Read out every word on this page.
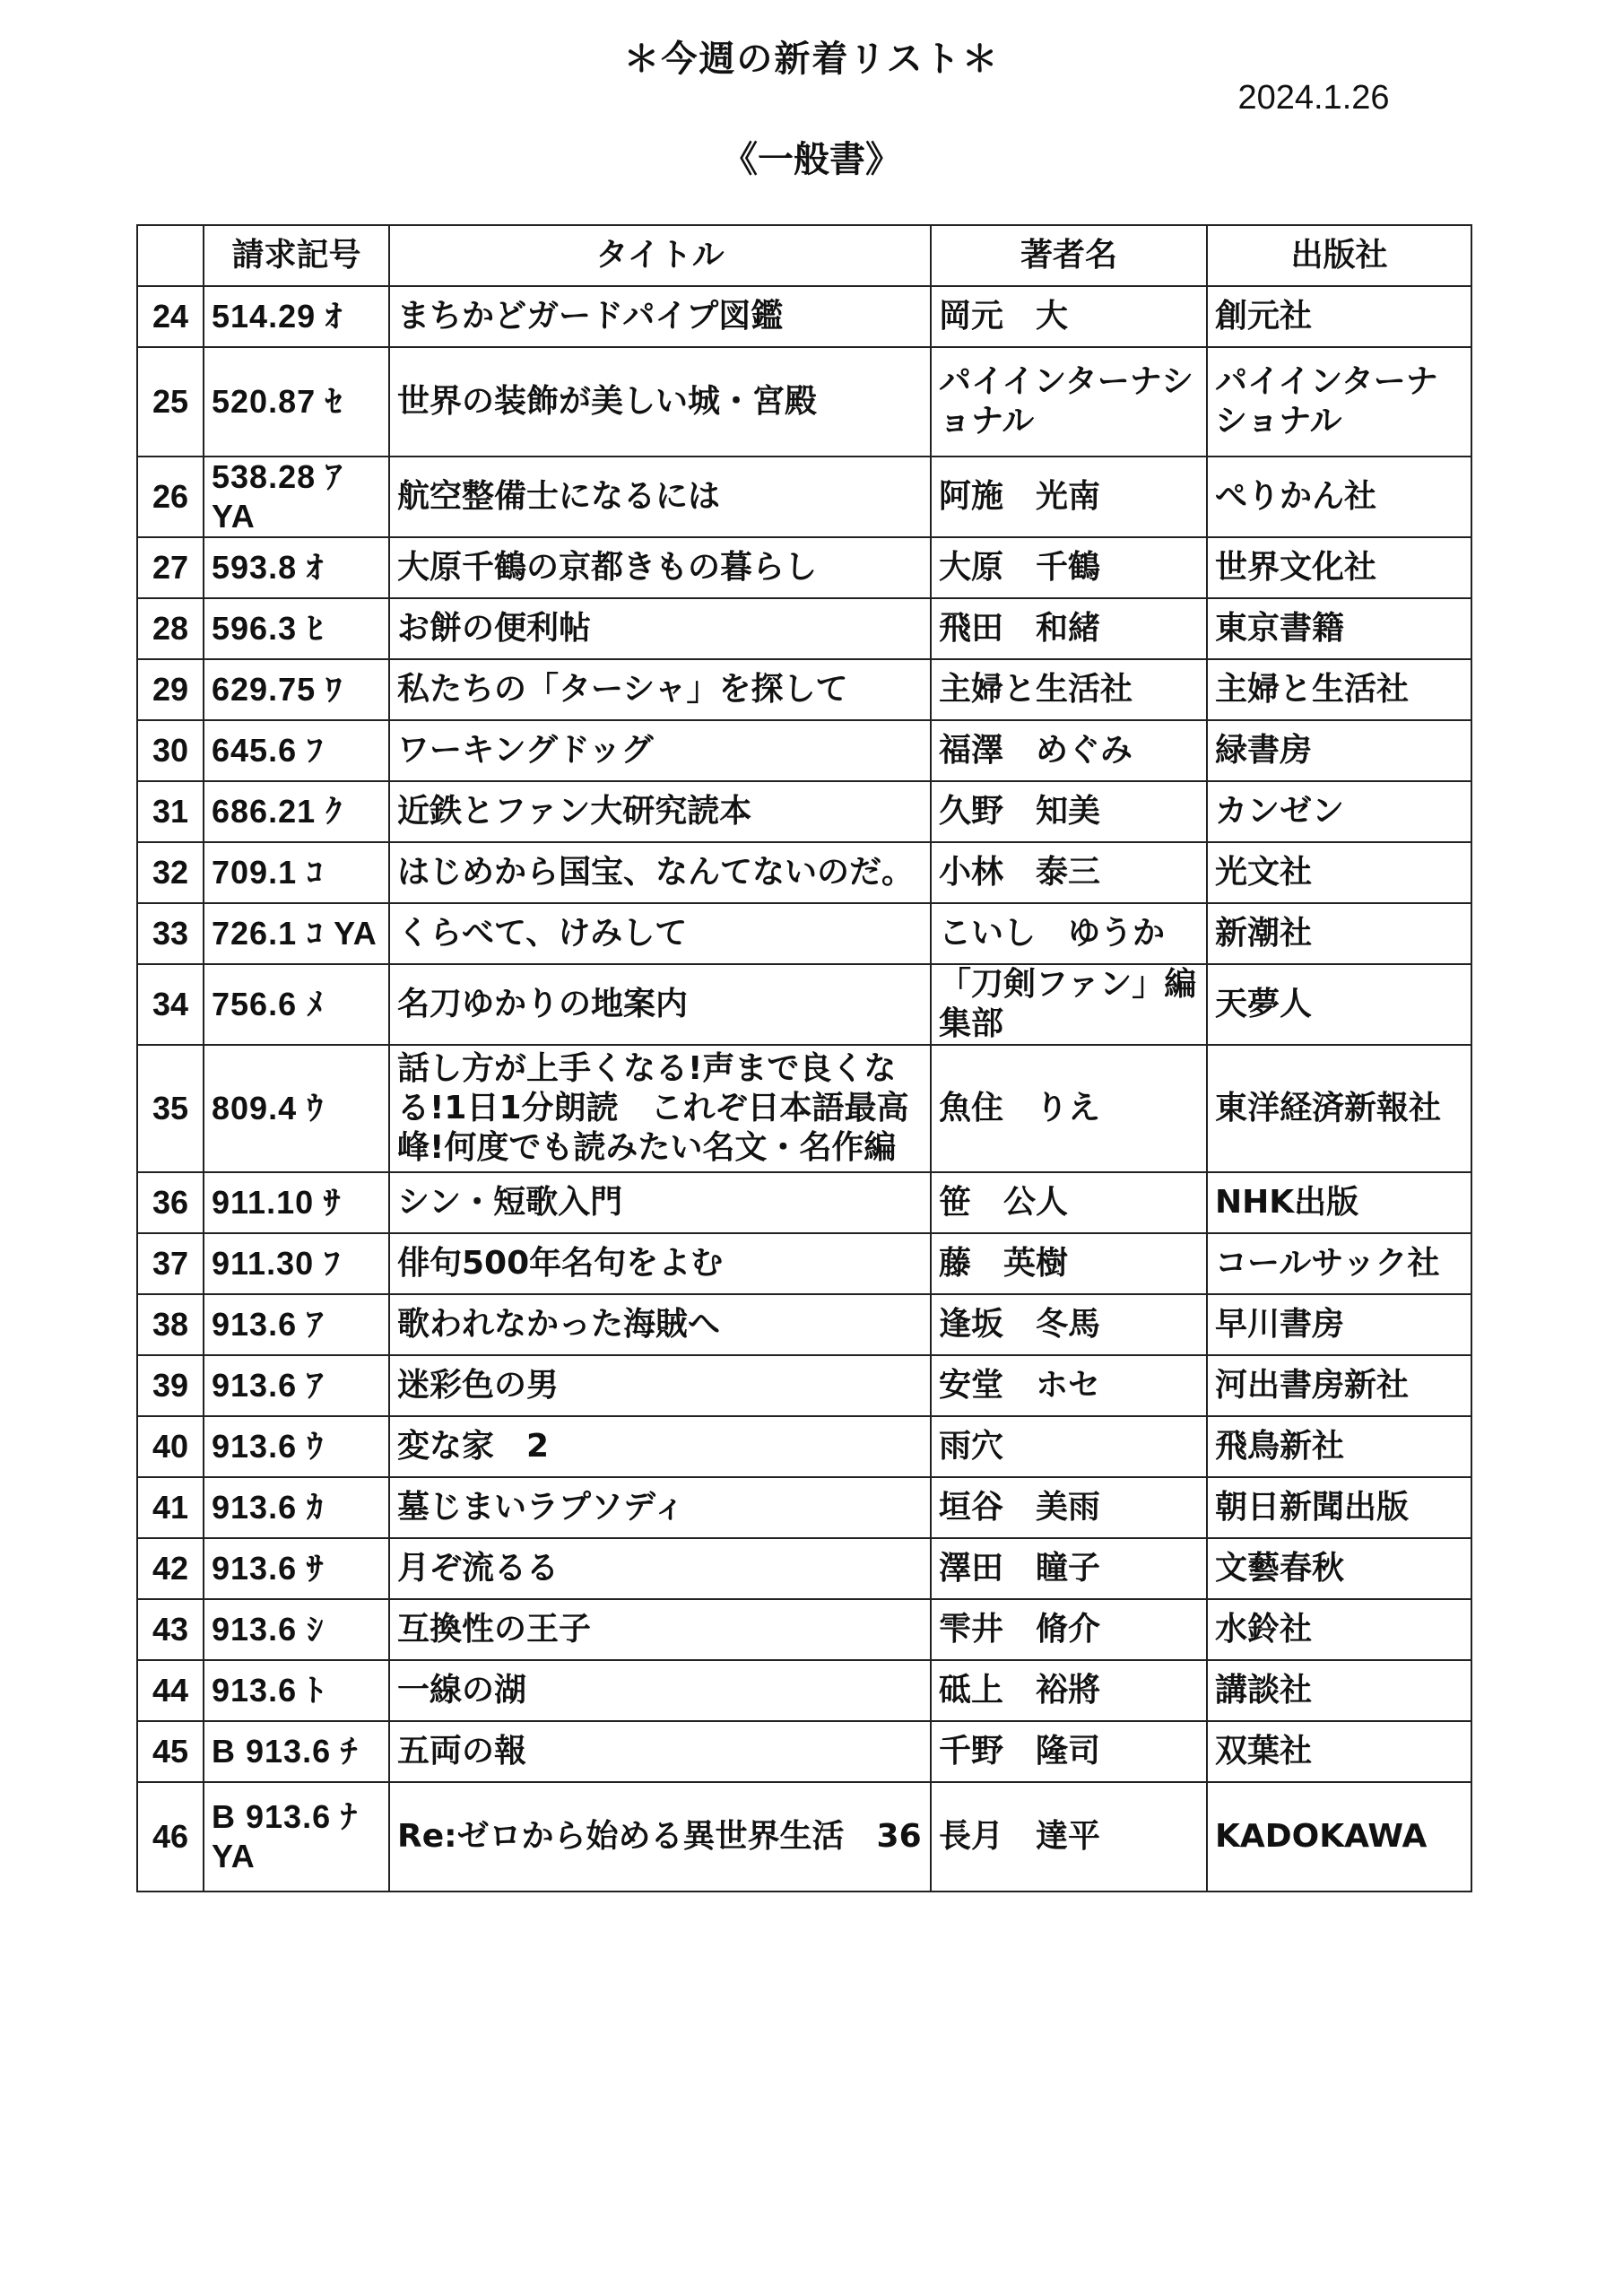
＊今週の新着リスト＊
2024.1.26
《一般書》
	請求記号	タイトル	著者名	出版社
24	514.29 ｵ	まちかどガードパイプ図鑑	岡元　大	創元社
25	520.87 ｾ	世界の装飾が美しい城・宮殿	パイインターナショナル	パイインターナショナル
26	538.28 ｱ YA	航空整備士になるには	阿施　光南	ぺりかん社
27	593.8 ｵ	大原千鶴の京都きもの暮らし	大原　千鶴	世界文化社
28	596.3 ﾋ	お餅の便利帖	飛田　和緒	東京書籍
29	629.75 ﾜ	私たちの「ターシャ」を探して	主婦と生活社	主婦と生活社
30	645.6 ﾌ	ワーキングドッグ	福澤　めぐみ	緑書房
31	686.21 ｸ	近鉄とファン大研究読本	久野　知美	カンゼン
32	709.1 ｺ	はじめから国宝、なんてないのだ。	小林　泰三	光文社
33	726.1 ｺ YA	くらべて、けみして	こいし　ゆうか	新潮社
34	756.6 ﾒ	名刀ゆかりの地案内	「刀剣ファン」編集部	天夢人
35	809.4 ｳ	話し方が上手くなる!声まで良くなる!1日1分朗読　これぞ日本語最高峰!何度でも読みたい名文・名作編	魚住　りえ	東洋経済新報社
36	911.10 ｻ	シン・短歌入門	笹　公人	NHK出版
37	911.30 ﾌ	俳句500年名句をよむ	藤　英樹	コールサック社
38	913.6 ｱ	歌われなかった海賊へ	逢坂　冬馬	早川書房
39	913.6 ｱ	迷彩色の男	安堂　ホセ	河出書房新社
40	913.6 ｳ	変な家　2	雨穴	飛鳥新社
41	913.6 ｶ	墓じまいラプソディ	垣谷　美雨	朝日新聞出版
42	913.6 ｻ	月ぞ流るる	澤田　瞳子	文藝春秋
43	913.6 ｼ	互換性の王子	雫井　脩介	水鈴社
44	913.6 ﾄ	一線の湖	砥上　裕將	講談社
45	B 913.6 ﾁ	五両の報	千野　隆司	双葉社
46	B 913.6 ﾅ YA	Re:ゼロから始める異世界生活　36	長月　達平	KADOKAWA
